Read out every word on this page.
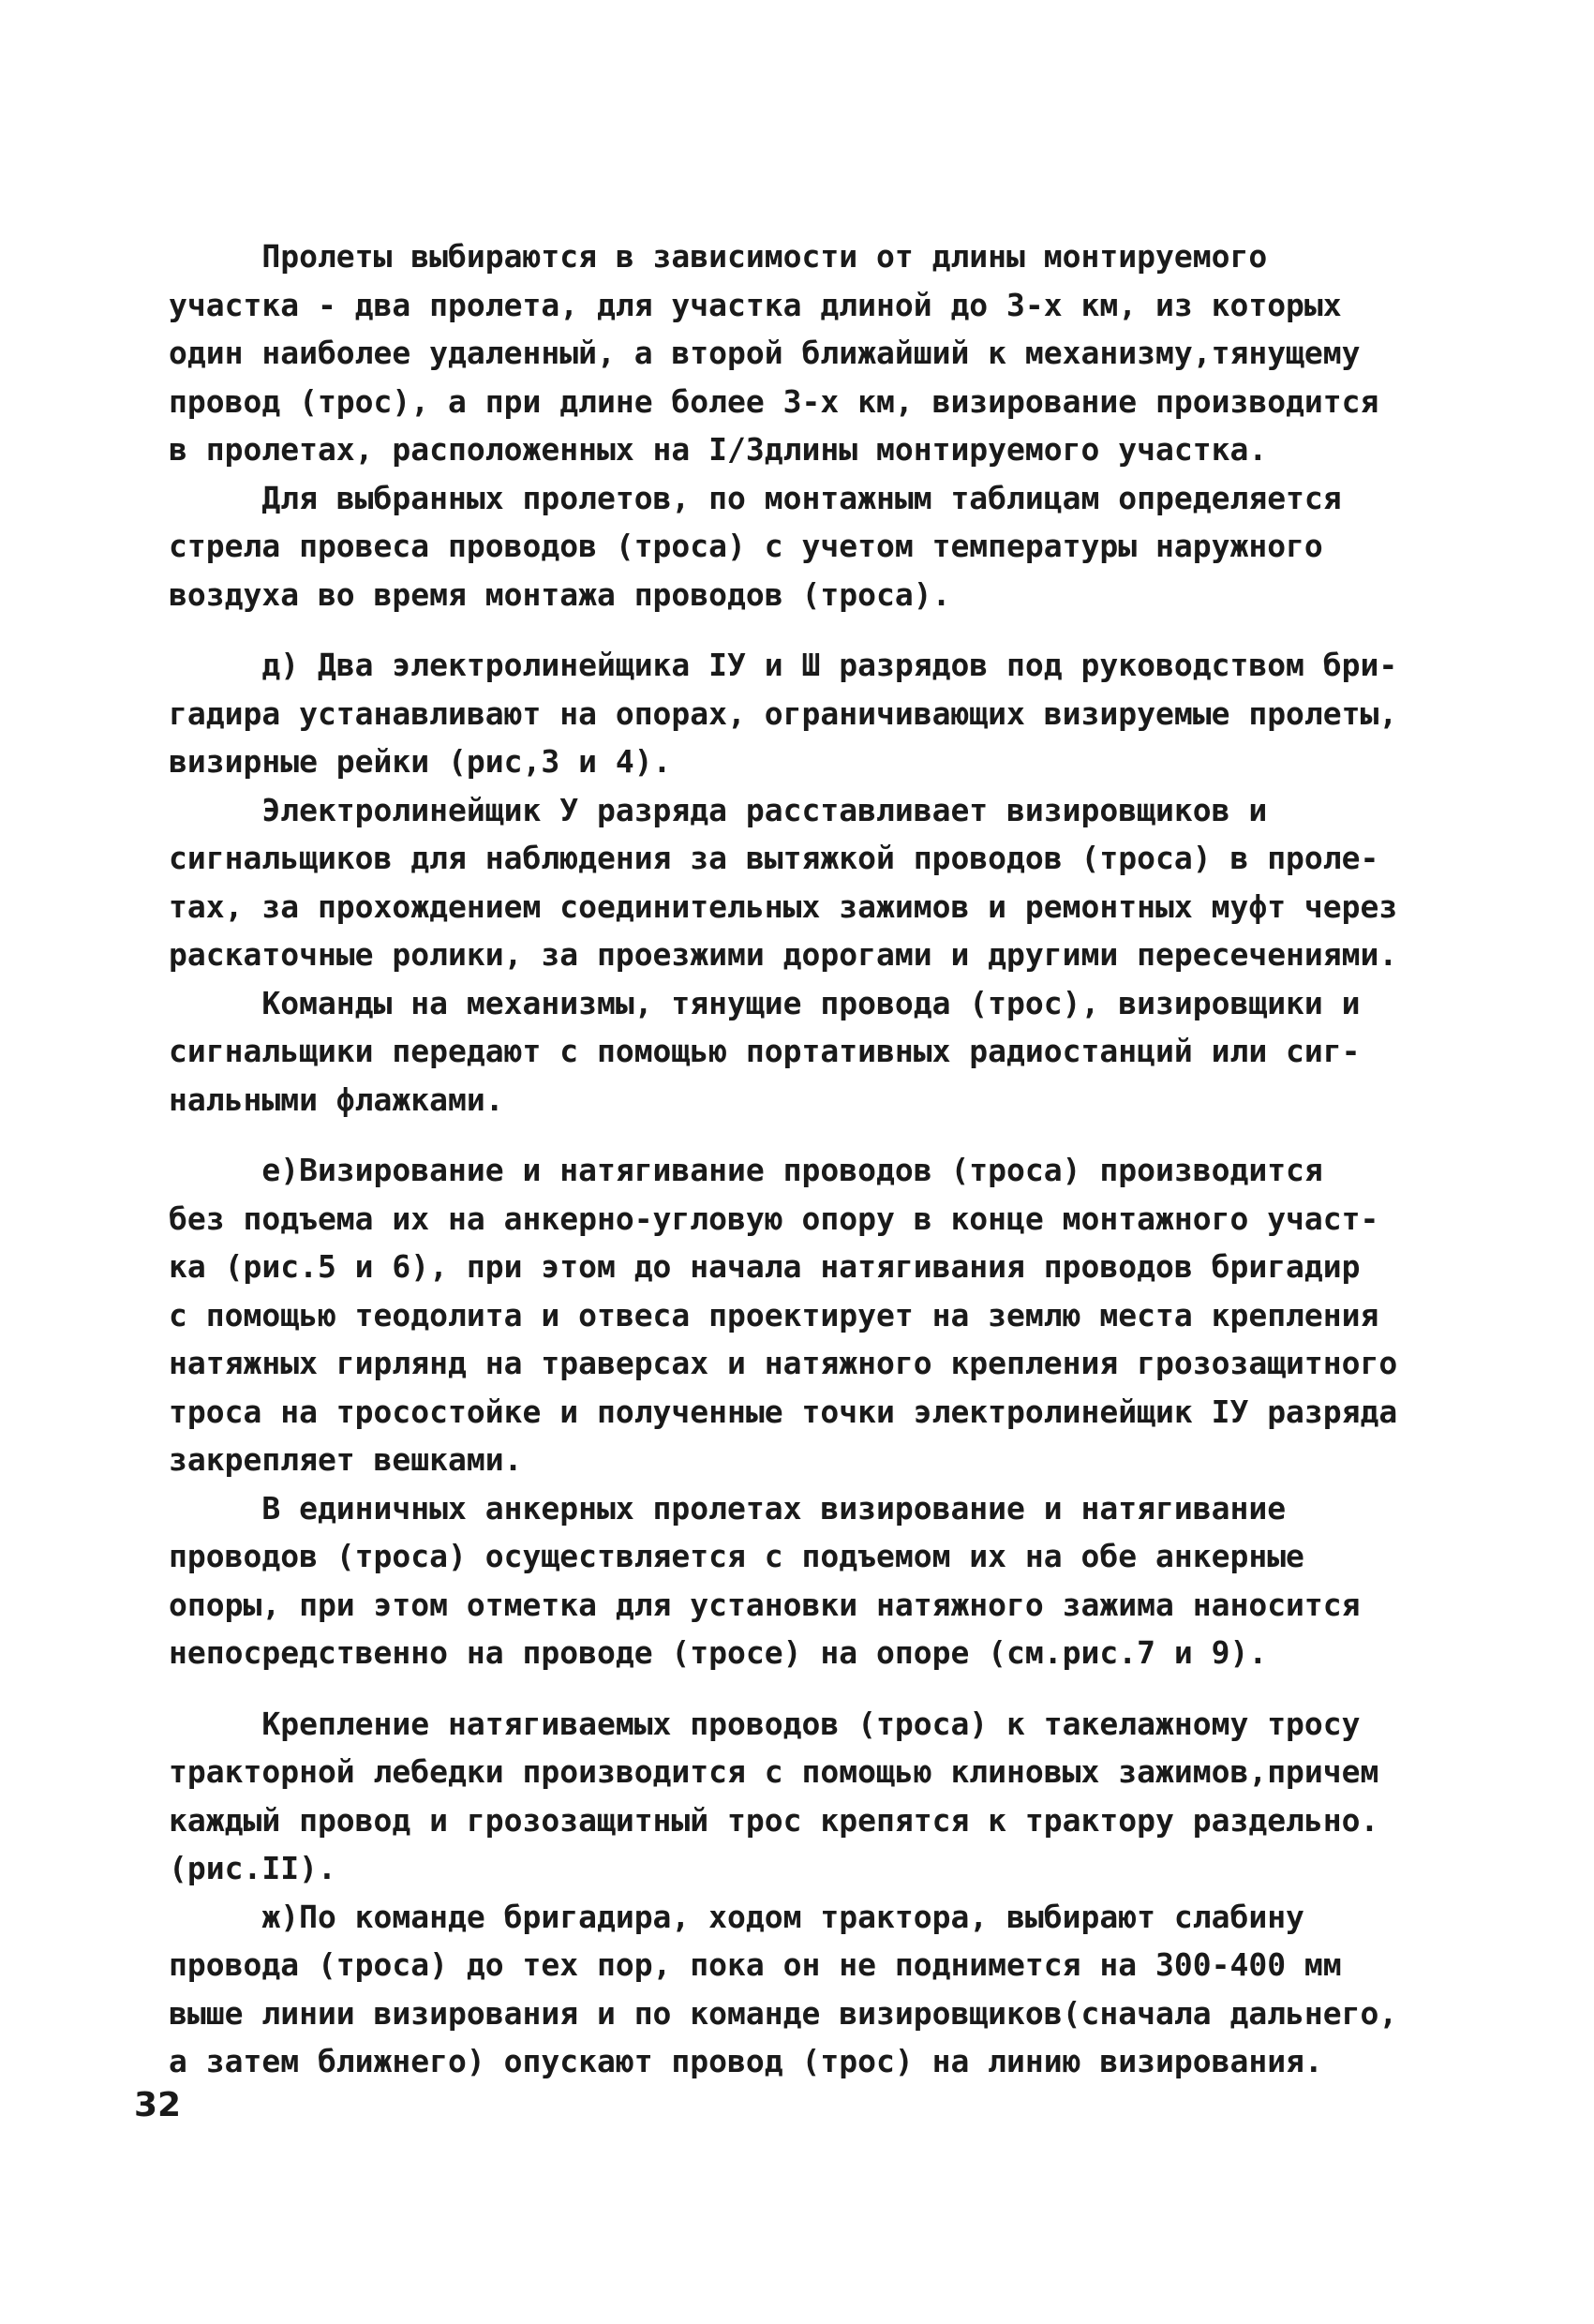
Пролеты выбираются в зависимости от длины монтируемого
участка - два пролета, для участка длиной до 3-х км, из которых
один наиболее удаленный, а второй ближайший к механизму,тянущему
провод (трос), а при длине более 3-х км, визирование производится
в пролетах, расположенных на I/3длины монтируемого участка.
Для выбранных пролетов, по монтажным таблицам определяется
стрела провеса проводов (троса) с учетом температуры наружного
воздуха во время монтажа проводов (троса).
д) Два электролинейщика IУ и Ш разрядов под руководством бри-
гадира устанавливают на опорах, ограничивающих визируемые пролеты,
визирные рейки (рис,3 и 4).
Электролинейщик У разряда расставливает визировщиков и
сигнальщиков для наблюдения за вытяжкой проводов (троса) в проле-
тах, за прохождением соединительных зажимов и ремонтных муфт через
раскаточные ролики, за проезжими дорогами и другими пересечениями.
Команды на механизмы, тянущие провода (трос), визировщики и
сигнальщики передают с помощью портативных радиостанций или сиг-
нальными флажками.
е)Визирование и натягивание проводов (троса) производится
без подъема их на анкерно-угловую опору в конце монтажного участ-
ка (рис.5 и 6), при этом до начала натягивания проводов бригадир
с помощью теодолита и отвеса проектирует на землю места крепления
натяжных гирлянд на траверсах и натяжного крепления грозозащитного
троса на тросостойке и полученные точки электролинейщик IУ разряда
закрепляет вешками.
В единичных анкерных пролетах визирование и натягивание
проводов (троса) осуществляется с подъемом их на обе анкерные
опоры, при этом отметка для установки натяжного зажима наносится
непосредственно на проводе (тросе) на опоре (см.рис.7 и 9).
Крепление натягиваемых проводов (троса) к такелажному тросу
тракторной лебедки производится с помощью клиновых зажимов,причем
каждый провод и грозозащитный трос крепятся к трактору раздельно.
(рис.II).
ж)По команде бригадира, ходом трактора, выбирают слабину
провода (троса) до тех пор, пока он не поднимется на 300-400 мм
выше линии визирования и по команде визировщиков(сначала дальнего,
а затем ближнего) опускают провод (трос) на линию визирования.
32
